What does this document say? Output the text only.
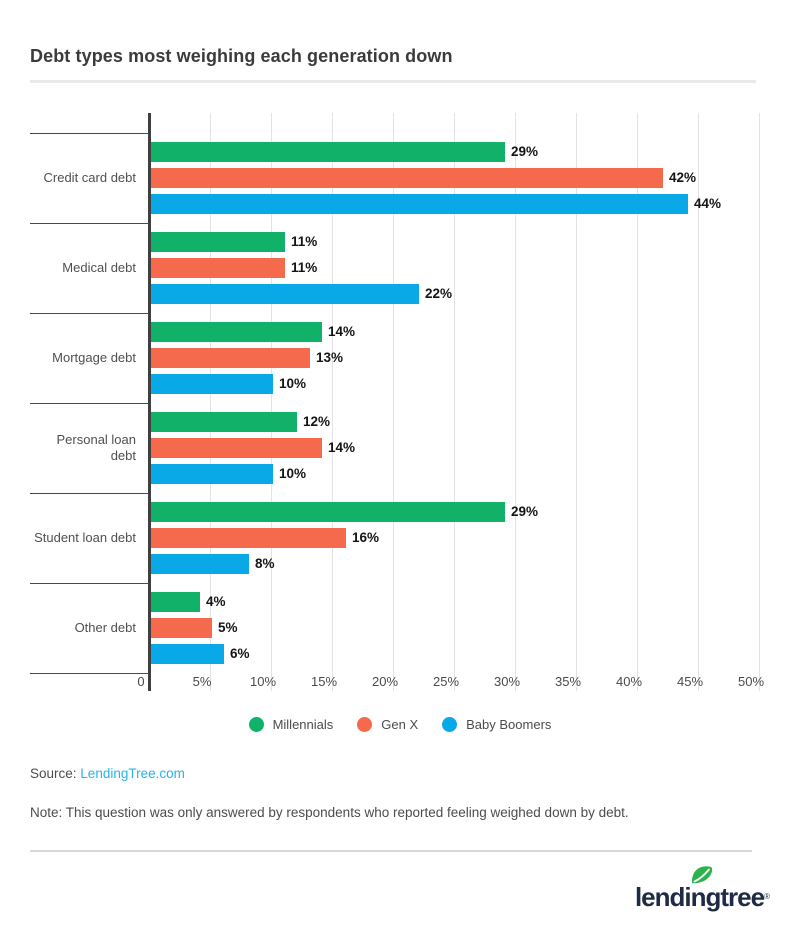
Debt types most weighing each generation down
Credit card debt
29%
42%
44%
Medical debt
11%
11%
22%
Mortgage debt
14%
13%
10%
Personal loan debt
12%
14%
10%
Student loan debt
29%
16%
8%
Other debt
4%
5%
6%
0	5%	10%	15%	20%	25%	30%	35%	40%	45%	50%
Millennials	Gen X	Baby Boomers

Source: LendingTree.com

Note: This question was only answered by respondents who reported feeling weighed down by debt.

lendingtree®
